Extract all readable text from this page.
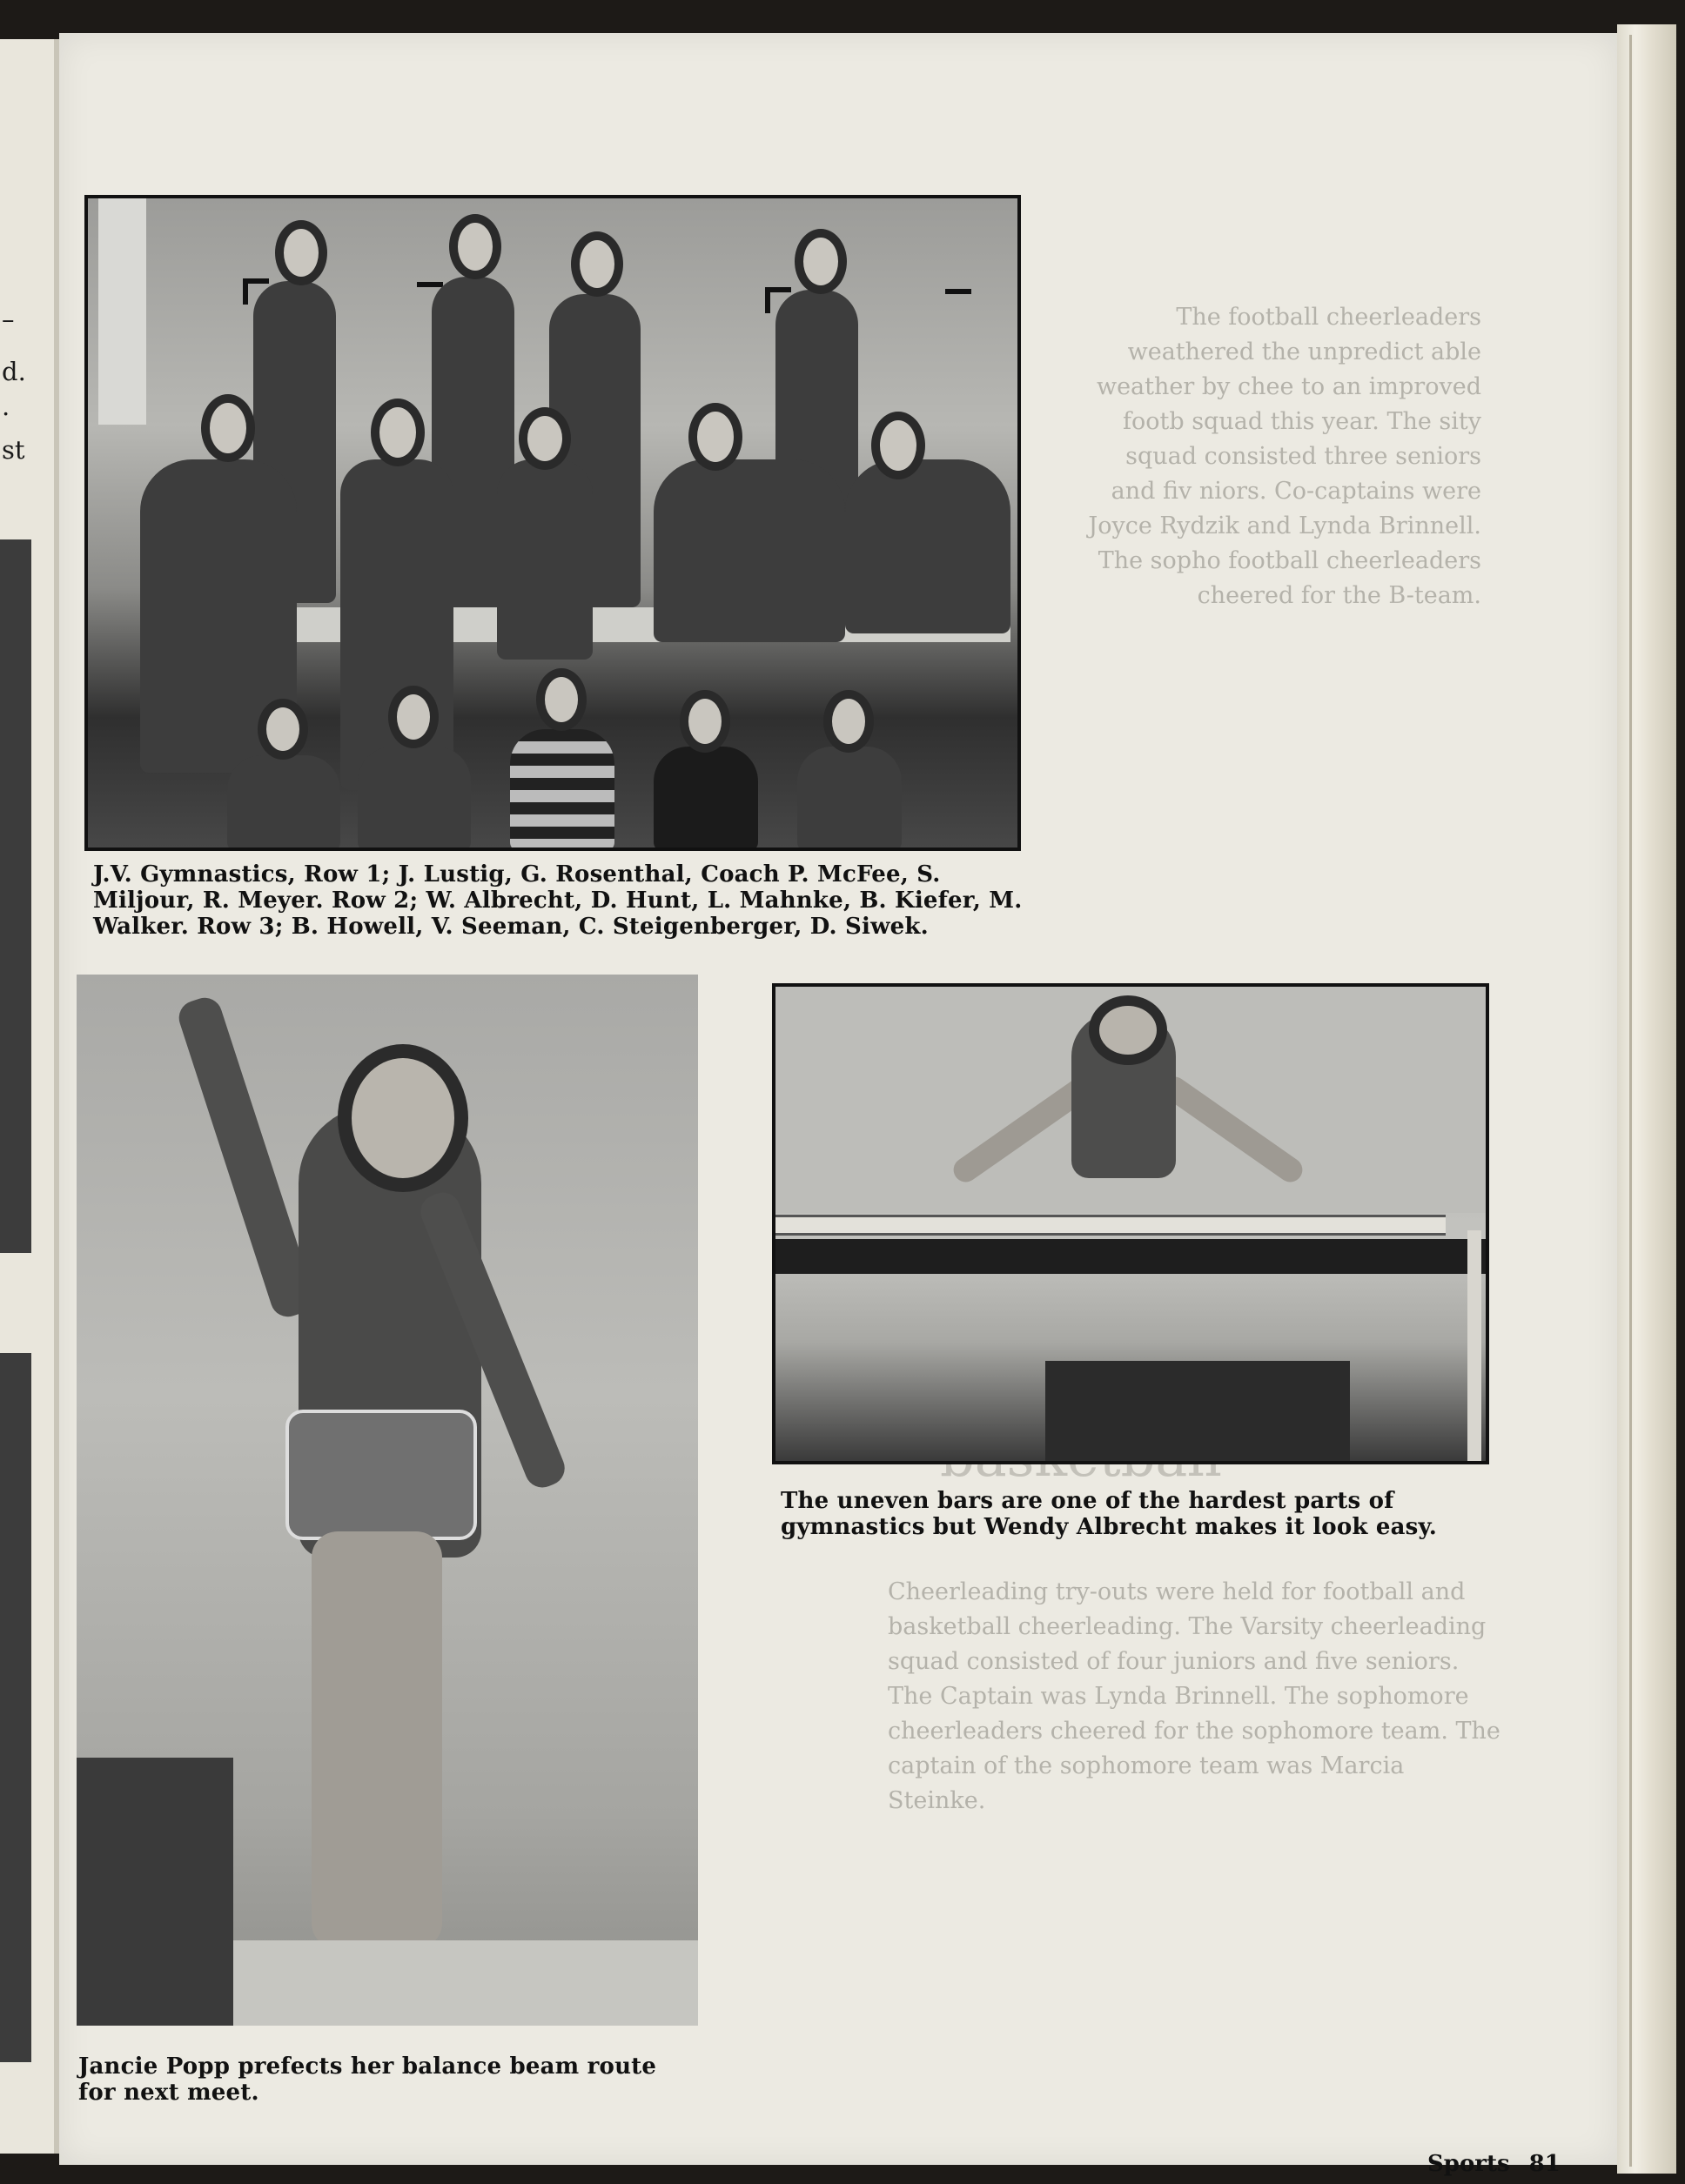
–
d.
.
st
The football cheerleaders weathered the unpredict able weather by chee to an improved footb squad this year. The sity squad consisted three seniors and fiv niors. Co-captains were Joyce Rydzik and Lynda Brinnell. The sopho football cheerleaders cheered for the B-team.
Cheerleading try-outs were held for football and basketball cheerleading. The Varsity cheerleading squad consisted of four juniors and five seniors. The Captain was Lynda Brinnell. The sophomore cheerleaders cheered for the sophomore team. The captain of the sophomore team was Marcia Steinke.
J.V. Gymnastics, Row 1; J. Lustig, G. Rosenthal, Coach P. McFee, S. Miljour, R. Meyer. Row 2; W. Albrecht, D. Hunt, L. Mahnke, B. Kiefer, M. Walker. Row 3; B. Howell, V. Seeman, C. Steigenberger, D. Siwek.
Jancie Popp prefects her balance beam route for next meet.
The uneven bars are one of the hardest parts of gymnastics but Wendy Albrecht makes it look easy.
Sports 81
